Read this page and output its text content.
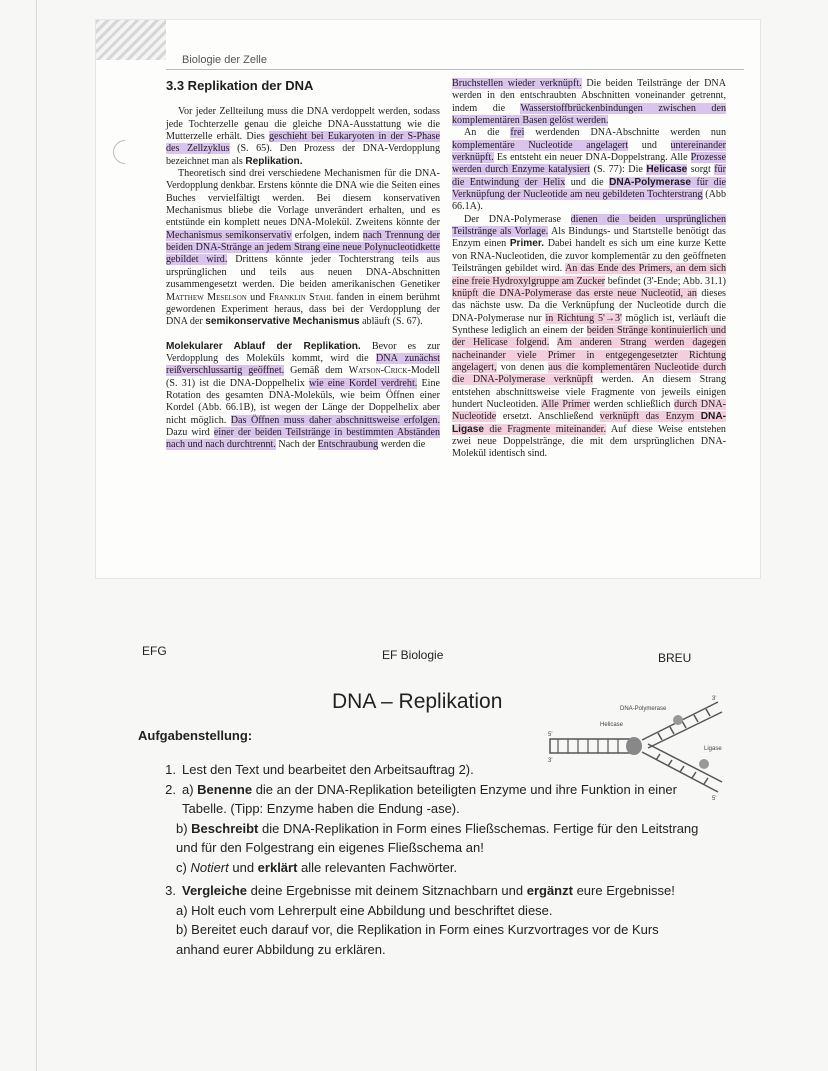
Biologie der Zelle

3.3 Replikation der DNA

Vor jeder Zellteilung muss die DNA verdoppelt werden, sodass jede Tochterzelle genau die gleiche DNA-Ausstattung wie die Mutterzelle erhält. Dies geschieht bei Eukaryoten in der S-Phase des Zellzyklus (S. 65). Den Prozess der DNA-Verdopplung bezeichnet man als Replikation.

Theoretisch sind drei verschiedene Mechanismen für die DNA-Verdopplung denkbar. Erstens könnte die DNA wie die Seiten eines Buches vervielfältigt werden. Bei diesem konservativen Mechanismus bliebe die Vorlage unverändert erhalten, und es entstünde ein komplett neues DNA-Molekül. Zweitens könnte der Mechanismus semikonservativ erfolgen, indem nach Trennung der beiden DNA-Stränge an jedem Strang eine neue Polynucleotidkette gebildet wird. Drittens könnte jeder Tochterstrang teils aus ursprünglichen und teils aus neuen DNA-Abschnitten zusammengesetzt werden. Die beiden amerikanischen Genetiker Matthew Meselson und Franklin Stahl fanden in einem berühmt gewordenen Experiment heraus, dass bei der Verdopplung der DNA der semikonservative Mechanismus abläuft (S. 67).

Molekularer Ablauf der Replikation. Bevor es zur Verdopplung des Moleküls kommt, wird die DNA zunächst reißverschlussartig geöffnet. Gemäß dem Watson-Crick-Modell (S. 31) ist die DNA-Doppelhelix wie eine Kordel verdreht. Eine Rotation des gesamten DNA-Moleküls, wie beim Öffnen einer Kordel (Abb. 66.1B), ist wegen der Länge der Doppelhelix aber nicht möglich. Das Öffnen muss daher abschnittsweise erfolgen. Dazu wird einer der beiden Teilstränge in bestimmten Abständen nach und nach durchtrennt. Nach der Entschraubung werden die

Bruchstellen wieder verknüpft. Die beiden Teilstränge der DNA werden in den entschraubten Abschnitten voneinander getrennt, indem die Wasserstoffbrückenbindungen zwischen den komplementären Basen gelöst werden.

An die frei werdenden DNA-Abschnitte werden nun komplementäre Nucleotide angelagert und untereinander verknüpft. Es entsteht ein neuer DNA-Doppelstrang. Alle Prozesse werden durch Enzyme katalysiert (S. 77): Die Helicase sorgt für die Entwindung der Helix und die DNA-Polymerase für die Verknüpfung der Nucleotide am neu gebildeten Tochterstrang (Abb 66.1A).

Der DNA-Polymerase dienen die beiden ursprünglichen Teilstränge als Vorlage. Als Bindungs- und Startstelle benötigt das Enzym einen Primer. Dabei handelt es sich um eine kurze Kette von RNA-Nucleotiden, die zuvor komplementär zu den geöffneten Teilsträngen gebildet wird. An das Ende des Primers, an dem sich eine freie Hydroxylgruppe am Zucker befindet (3'-Ende; Abb. 31.1) knüpft die DNA-Polymerase das erste neue Nucleotid, an dieses das nächste usw. Da die Verknüpfung der Nucleotide durch die DNA-Polymerase nur in Richtung 5'→3' möglich ist, verläuft die Synthese lediglich an einem der beiden Stränge kontinuierlich und der Helicase folgend. Am anderen Strang werden dagegen nacheinander viele Primer in entgegengesetzter Richtung angelagert, von denen aus die komplementären Nucleotide durch die DNA-Polymerase verknüpft werden. An diesem Strang entstehen abschnittsweise viele Fragmente von jeweils einigen hundert Nucleotiden. Alle Primer werden schließlich durch DNA-Nucleotide ersetzt. Anschließend verknüpft das Enzym DNA-Ligase die Fragmente miteinander. Auf diese Weise entstehen zwei neue Doppelstränge, die mit dem ursprünglichen DNA-Molekül identisch sind.

EFG	EF Biologie	BREU
DNA – Replikation
Aufgabenstellung:
DNA-Polymerase
Helicase
Ligase
5'
3'
3'
5'
1. Lest den Text und bearbeitet den Arbeitsauftrag 2).
2. a) Benenne die an der DNA-Replikation beteiligten Enzyme und ihre Funktion in einer Tabelle. (Tipp: Enzyme haben die Endung -ase).
b) Beschreibt die DNA-Replikation in Form eines Fließschemas. Fertige für den Leitstrang und für den Folgestrang ein eigenes Fließschema an!
c) Notiert und erklärt alle relevanten Fachwörter.
3. Vergleiche deine Ergebnisse mit deinem Sitznachbarn und ergänzt eure Ergebnisse!
a) Holt euch vom Lehrerpult eine Abbildung und beschriftet diese.
b) Bereitet euch darauf vor, die Replikation in Form eines Kurzvortrages vor de Kurs anhand eurer Abbildung zu erklären.
